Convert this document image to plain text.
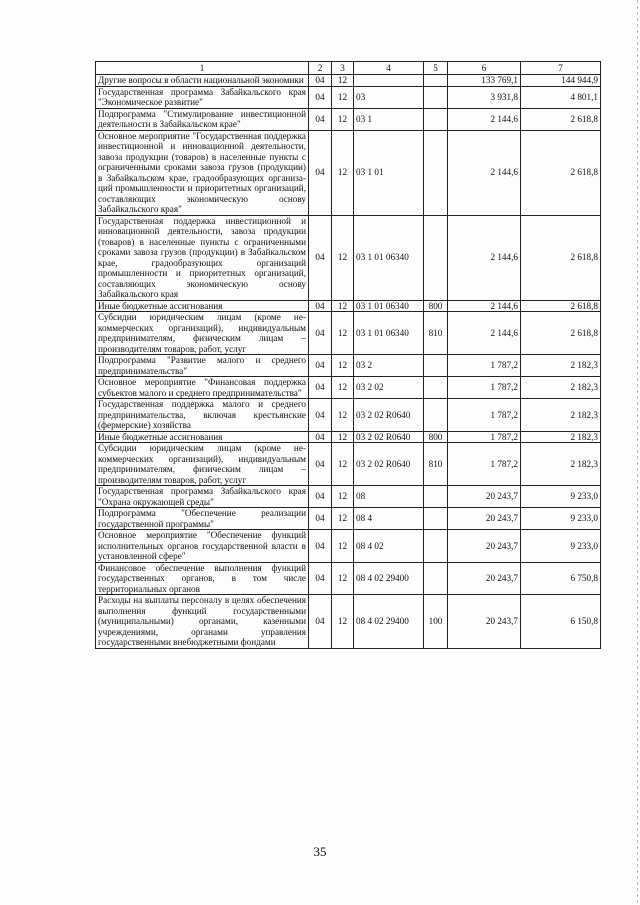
1	2	3	4	5	6	7
Другие вопросы в области национальной экономики	04	12			133 769,1	144 944,9
Государственная программа Забайкальского края "Экономическое развитие"	04	12	03		3 931,8	4 801,1
Подпрограмма "Стимулирование инвестиционной деятельности в Забайкальском крае"	04	12	03 1		2 144,6	2 618,8
Основное мероприятие "Государственная поддержка инвестиционной и инновационной деятельности, завоза продукции (товаров) в населенные пункты с ограниченными сроками завоза грузов (продукции) в Забайкальском крае, градообразующих организаций промышленности и приоритетных организаций, составляющих экономическую основу Забайкальского края"	04	12	03 1 01		2 144,6	2 618,8
Государственная поддержка инвестиционной и инновационной деятельности, завоза продукции (товаров) в населенные пункты с ограниченными сроками завоза грузов (продукции) в Забайкальском крае, градообразующих организаций промышленности и приоритетных организаций, составляющих экономическую основу Забайкальского края	04	12	03 1 01 06340		2 144,6	2 618,8
Иные бюджетные ассигнования	04	12	03 1 01 06340	800	2 144,6	2 618,8
Субсидии юридическим лицам (кроме некоммерческих организаций), индивидуальным предпринимателям, физическим лицам – производителям товаров, работ, услуг	04	12	03 1 01 06340	810	2 144,6	2 618,8
Подпрограмма "Развитие малого и среднего предпринимательства"	04	12	03 2		1 787,2	2 182,3
Основное мероприятие "Финансовая поддержка субъектов малого и среднего предпринимательства"	04	12	03 2 02		1 787,2	2 182,3
Государственная поддержка малого и среднего предпринимательства, включая крестьянские (фермерские) хозяйства	04	12	03 2 02 R0640		1 787,2	2 182,3
Иные бюджетные ассигнования	04	12	03 2 02 R0640	800	1 787,2	2 182,3
Субсидии юридическим лицам (кроме некоммерческих организаций), индивидуальным предпринимателям, физическим лицам – производителям товаров, работ, услуг	04	12	03 2 02 R0640	810	1 787,2	2 182,3
Государственная программа Забайкальского края "Охрана окружающей среды"	04	12	08		20 243,7	9 233,0
Подпрограмма "Обеспечение реализации государственной программы"	04	12	08 4		20 243,7	9 233,0
Основное мероприятие "Обеспечение функций исполнительных органов государственной власти в установленной сфере"	04	12	08 4 02		20 243,7	9 233,0
Финансовое обеспечение выполнения функций государственных органов, в том числе территориальных органов	04	12	08 4 02 29400		20 243,7	6 750,8
Расходы на выплаты персоналу в целях обеспечения выполнения функций государственными (муниципальными) органами, казенными учреждениями, органами управления государственными внебюджетными фондами	04	12	08 4 02 29400	100	20 243,7	6 150,8
35
